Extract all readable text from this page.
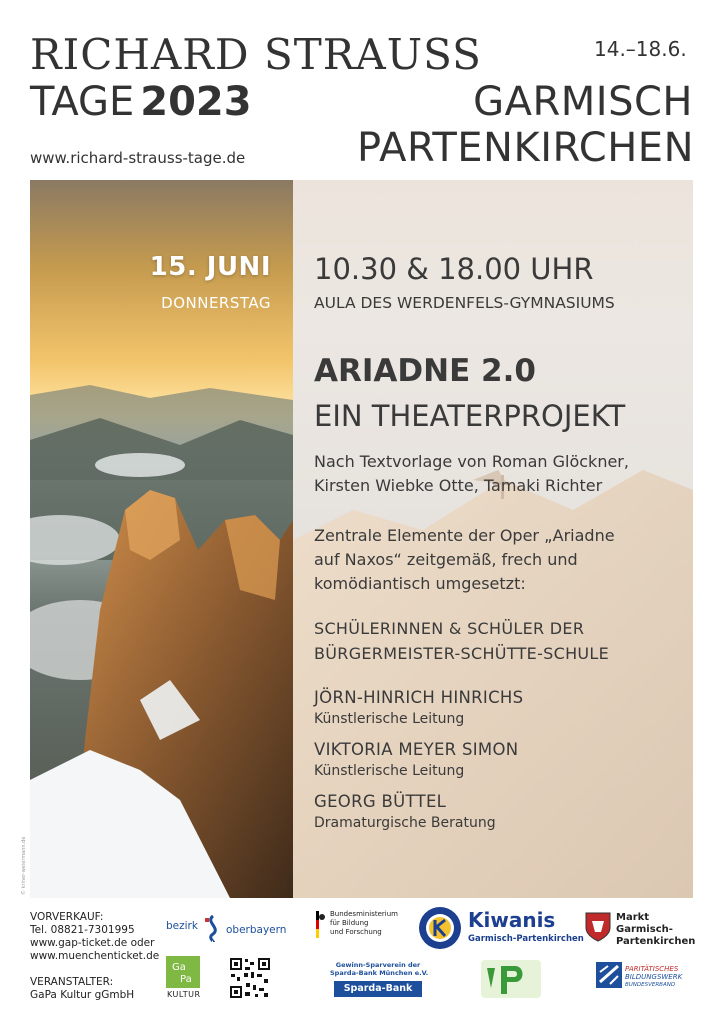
RICHARD STRAUSS
TAGE 2023
14.–18.6.
GARMISCH
PARTENKIRCHEN
www.richard-strauss-tage.de
15. JUNI
DONNERSTAG
10.30 & 18.00 UHR
AULA DES WERDENFELS-GYMNASIUMS
ARIADNE 2.0
EIN THEATERPROJEKT
Nach Textvorlage von Roman Glöckner,
Kirsten Wiebke Otte, Tamaki Richter
Zentrale Elemente der Oper „Ariadne
auf Naxos“ zeitgemäß, frech und
komödiantisch umgesetzt:
SCHÜLERINNEN & SCHÜLER DER
BÜRGERMEISTER-SCHÜTTE-SCHULE
JÖRN-HINRICH HINRICHS
Künstlerische Leitung
VIKTORIA MEYER SIMON
Künstlerische Leitung
GEORG BÜTTEL
Dramaturgische Beratung
© kriner-weiermann.de
VORVERKAUF:
Tel. 08821-7301995
www.gap-ticket.de oder
www.muenchenticket.de
VERANSTALTER:
GaPa Kultur gGmbH
bezirk	oberbayern
Bundesministerium
für Bildung
und Forschung	Kiwanis
Garmisch-Partenkirchen
Markt
Garmisch-
Partenkirchen
Ga
Pa
KULTUR
Gewinn-Sparverein der
Sparda-Bank München e.V.
Sparda-Bank
PARITÄTISCHES
BILDUNGSWERK
BUNDESVERBAND
